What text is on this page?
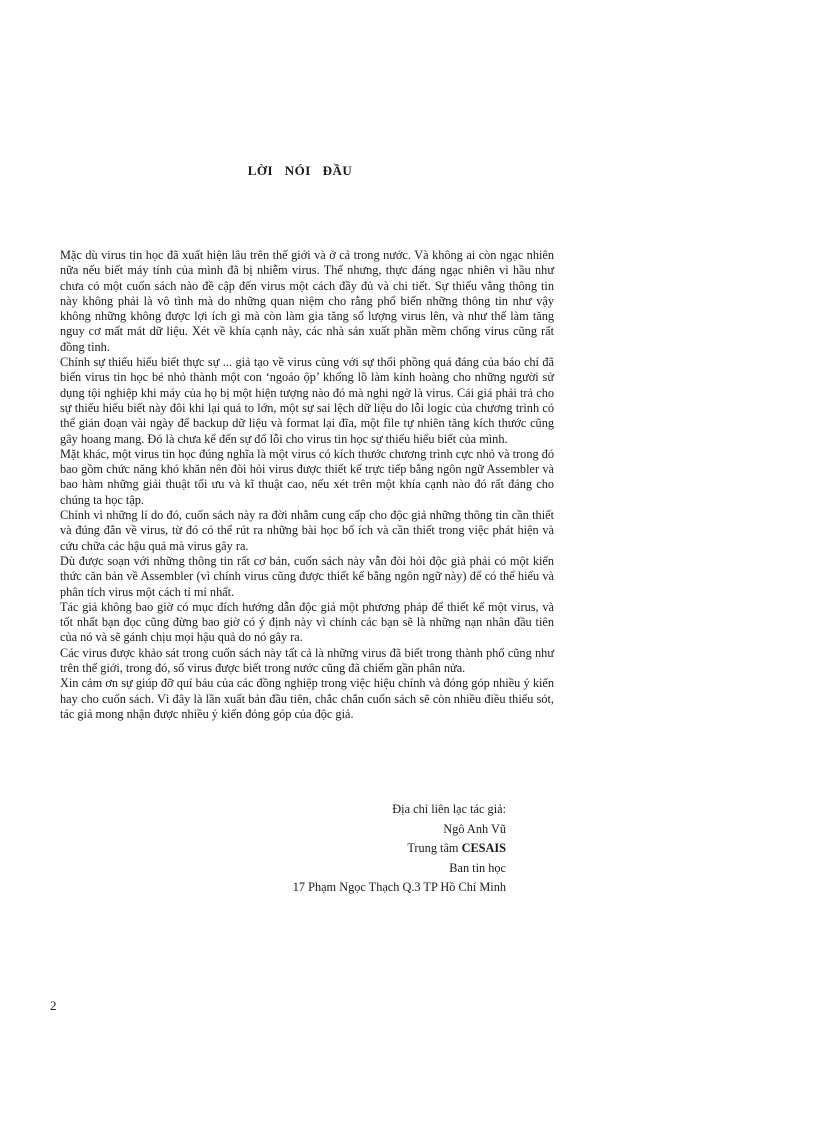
LỜI NÓI ĐẦU

Mặc dù virus tin học đã xuất hiện lâu trên thế giới và ở cả trong nước. Và không ai còn ngạc nhiên nữa nếu biết máy tính của mình đã bị nhiễm virus. Thế nhưng, thực đáng ngạc nhiên vì hầu như chưa có một cuốn sách nào đề cập đến virus một cách đầy đủ và chi tiết. Sự thiếu vắng thông tin này không phải là vô tình mà do những quan niệm cho rằng phổ biến những thông tin như vậy không những không được lợi ích gì mà còn làm gia tăng số lượng virus lên, và như thế làm tăng nguy cơ mất mát dữ liệu. Xét về khía cạnh này, các nhà sản xuất phần mềm chống virus cũng rất đồng tình.

Chính sự thiếu hiểu biết thực sự ... giả tạo về virus cùng với sự thổi phồng quá đáng của báo chí đã biến virus tin học bé nhỏ thành một con ‘ngoáo ộp’ khổng lồ làm kinh hoàng cho những người sử dụng tội nghiệp khi máy của họ bị một hiện tượng nào đó mà nghi ngờ là virus. Cái giá phải trả cho sự thiếu hiểu biết này đôi khi lại quá to lớn, một sự sai lệch dữ liệu do lỗi logic của chương trình có thể gián đoạn vài ngày để backup dữ liệu và format lại đĩa, một file tự nhiên tăng kích thước cũng gây hoang mang. Đó là chưa kể đến sự đổ lỗi cho virus tin học sự thiếu hiểu biết của mình.

Mặt khác, một virus tin học đúng nghĩa là một virus có kích thước chương trình cực nhỏ và trong đó bao gồm chức năng khó khăn nên đòi hỏi virus được thiết kế trực tiếp bằng ngôn ngữ Assembler và bao hàm những giải thuật tối ưu và kĩ thuật cao, nếu xét trên một khía cạnh nào đó rất đáng cho chúng ta học tập.

Chính vì những lí do đó, cuốn sách này ra đời nhằm cung cấp cho độc giả những thông tin cần thiết và đúng đắn về virus, từ đó có thể rút ra những bài học bổ ích và cần thiết trong việc phát hiện và cứu chữa các hậu quả mà virus gây ra.

Dù được soạn với những thông tin rất cơ bản, cuốn sách này vẫn đòi hỏi độc giả phải có một kiến thức căn bản về Assembler (vì chính virus cũng được thiết kế bằng ngôn ngữ này) để có thể hiểu và phân tích virus một cách tỉ mỉ nhất.

Tác giả không bao giờ có mục đích hướng dẫn độc giả một phương pháp để thiết kế một virus, và tốt nhất bạn đọc cũng đừng bao giờ có ý định này vì chính các bạn sẽ là những nạn nhân đầu tiên của nó và sẽ gánh chịu mọi hậu quả do nó gây ra.

Các virus được khảo sát trong cuốn sách này tất cả là những virus đã biết trong thành phố cũng như trên thế giới, trong đó, số virus được biết trong nước cũng đã chiếm gần phân nửa.

Xin cảm ơn sự giúp đỡ quí báu của các đồng nghiệp trong việc hiệu chính và đóng góp nhiều ý kiến hay cho cuốn sách. Vì đây là lần xuất bản đầu tiên, chắc chắn cuốn sách sẽ còn nhiều điều thiếu sót, tác giả mong nhận được nhiều ý kiến đóng góp của độc giả.

Địa chỉ liên lạc tác giả:
Ngô Anh Vũ
Trung tâm CESAIS
Ban tin học
17 Phạm Ngọc Thạch Q.3 TP Hồ Chí Minh
2
